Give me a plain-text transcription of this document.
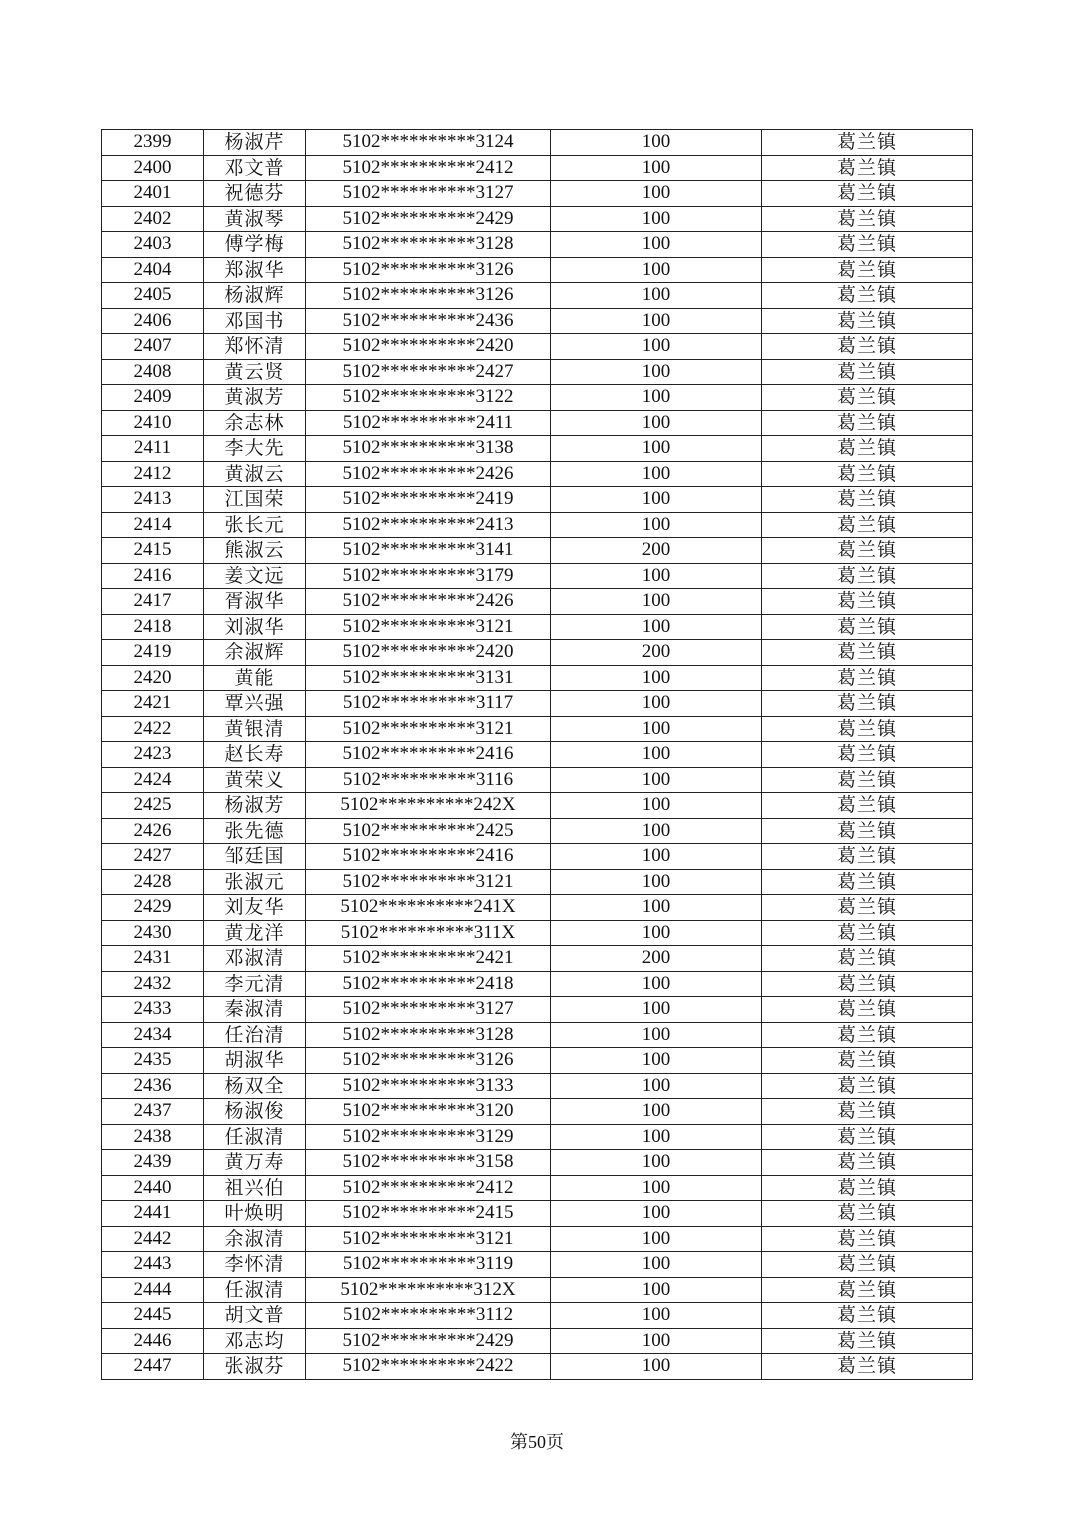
2399	杨淑芹	5102**********3124	100	葛兰镇
2400	邓文普	5102**********2412	100	葛兰镇
2401	祝德芬	5102**********3127	100	葛兰镇
2402	黄淑琴	5102**********2429	100	葛兰镇
2403	傅学梅	5102**********3128	100	葛兰镇
2404	郑淑华	5102**********3126	100	葛兰镇
2405	杨淑辉	5102**********3126	100	葛兰镇
2406	邓国书	5102**********2436	100	葛兰镇
2407	郑怀清	5102**********2420	100	葛兰镇
2408	黄云贤	5102**********2427	100	葛兰镇
2409	黄淑芳	5102**********3122	100	葛兰镇
2410	余志林	5102**********2411	100	葛兰镇
2411	李大先	5102**********3138	100	葛兰镇
2412	黄淑云	5102**********2426	100	葛兰镇
2413	江国荣	5102**********2419	100	葛兰镇
2414	张长元	5102**********2413	100	葛兰镇
2415	熊淑云	5102**********3141	200	葛兰镇
2416	姜文远	5102**********3179	100	葛兰镇
2417	胥淑华	5102**********2426	100	葛兰镇
2418	刘淑华	5102**********3121	100	葛兰镇
2419	余淑辉	5102**********2420	200	葛兰镇
2420	黄能	5102**********3131	100	葛兰镇
2421	覃兴强	5102**********3117	100	葛兰镇
2422	黄银清	5102**********3121	100	葛兰镇
2423	赵长寿	5102**********2416	100	葛兰镇
2424	黄荣义	5102**********3116	100	葛兰镇
2425	杨淑芳	5102**********242X	100	葛兰镇
2426	张先德	5102**********2425	100	葛兰镇
2427	邹廷国	5102**********2416	100	葛兰镇
2428	张淑元	5102**********3121	100	葛兰镇
2429	刘友华	5102**********241X	100	葛兰镇
2430	黄龙洋	5102**********311X	100	葛兰镇
2431	邓淑清	5102**********2421	200	葛兰镇
2432	李元清	5102**********2418	100	葛兰镇
2433	秦淑清	5102**********3127	100	葛兰镇
2434	任治清	5102**********3128	100	葛兰镇
2435	胡淑华	5102**********3126	100	葛兰镇
2436	杨双全	5102**********3133	100	葛兰镇
2437	杨淑俊	5102**********3120	100	葛兰镇
2438	任淑清	5102**********3129	100	葛兰镇
2439	黄万寿	5102**********3158	100	葛兰镇
2440	祖兴伯	5102**********2412	100	葛兰镇
2441	叶焕明	5102**********2415	100	葛兰镇
2442	余淑清	5102**********3121	100	葛兰镇
2443	李怀清	5102**********3119	100	葛兰镇
2444	任淑清	5102**********312X	100	葛兰镇
2445	胡文普	5102**********3112	100	葛兰镇
2446	邓志均	5102**********2429	100	葛兰镇
2447	张淑芬	5102**********2422	100	葛兰镇
第50页
